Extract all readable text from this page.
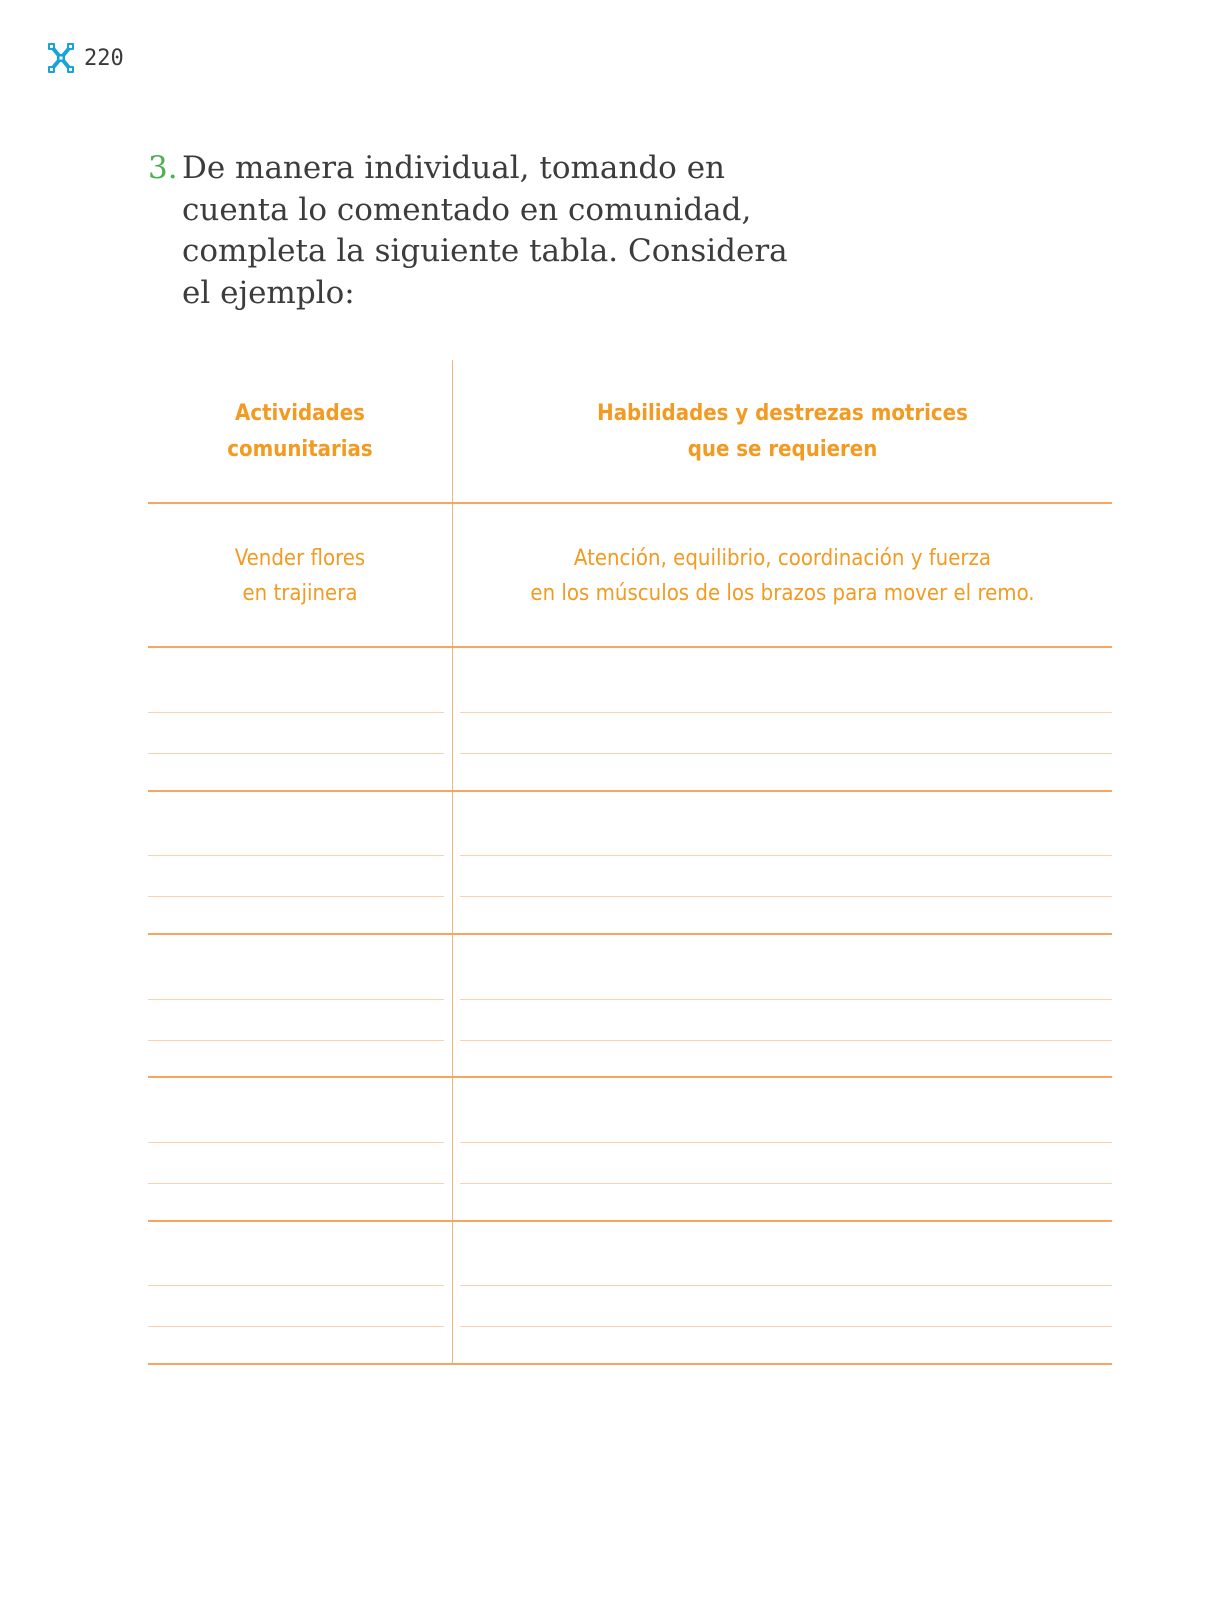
220
3. De manera individual, tomando en cuenta lo comentado en comunidad, completa la siguiente tabla. Considera el ejemplo:
Actividades
comunitarias
Habilidades y destrezas motrices
que se requieren
Vender flores
en trajinera
Atención, equilibrio, coordinación y fuerza
en los músculos de los brazos para mover el remo.
